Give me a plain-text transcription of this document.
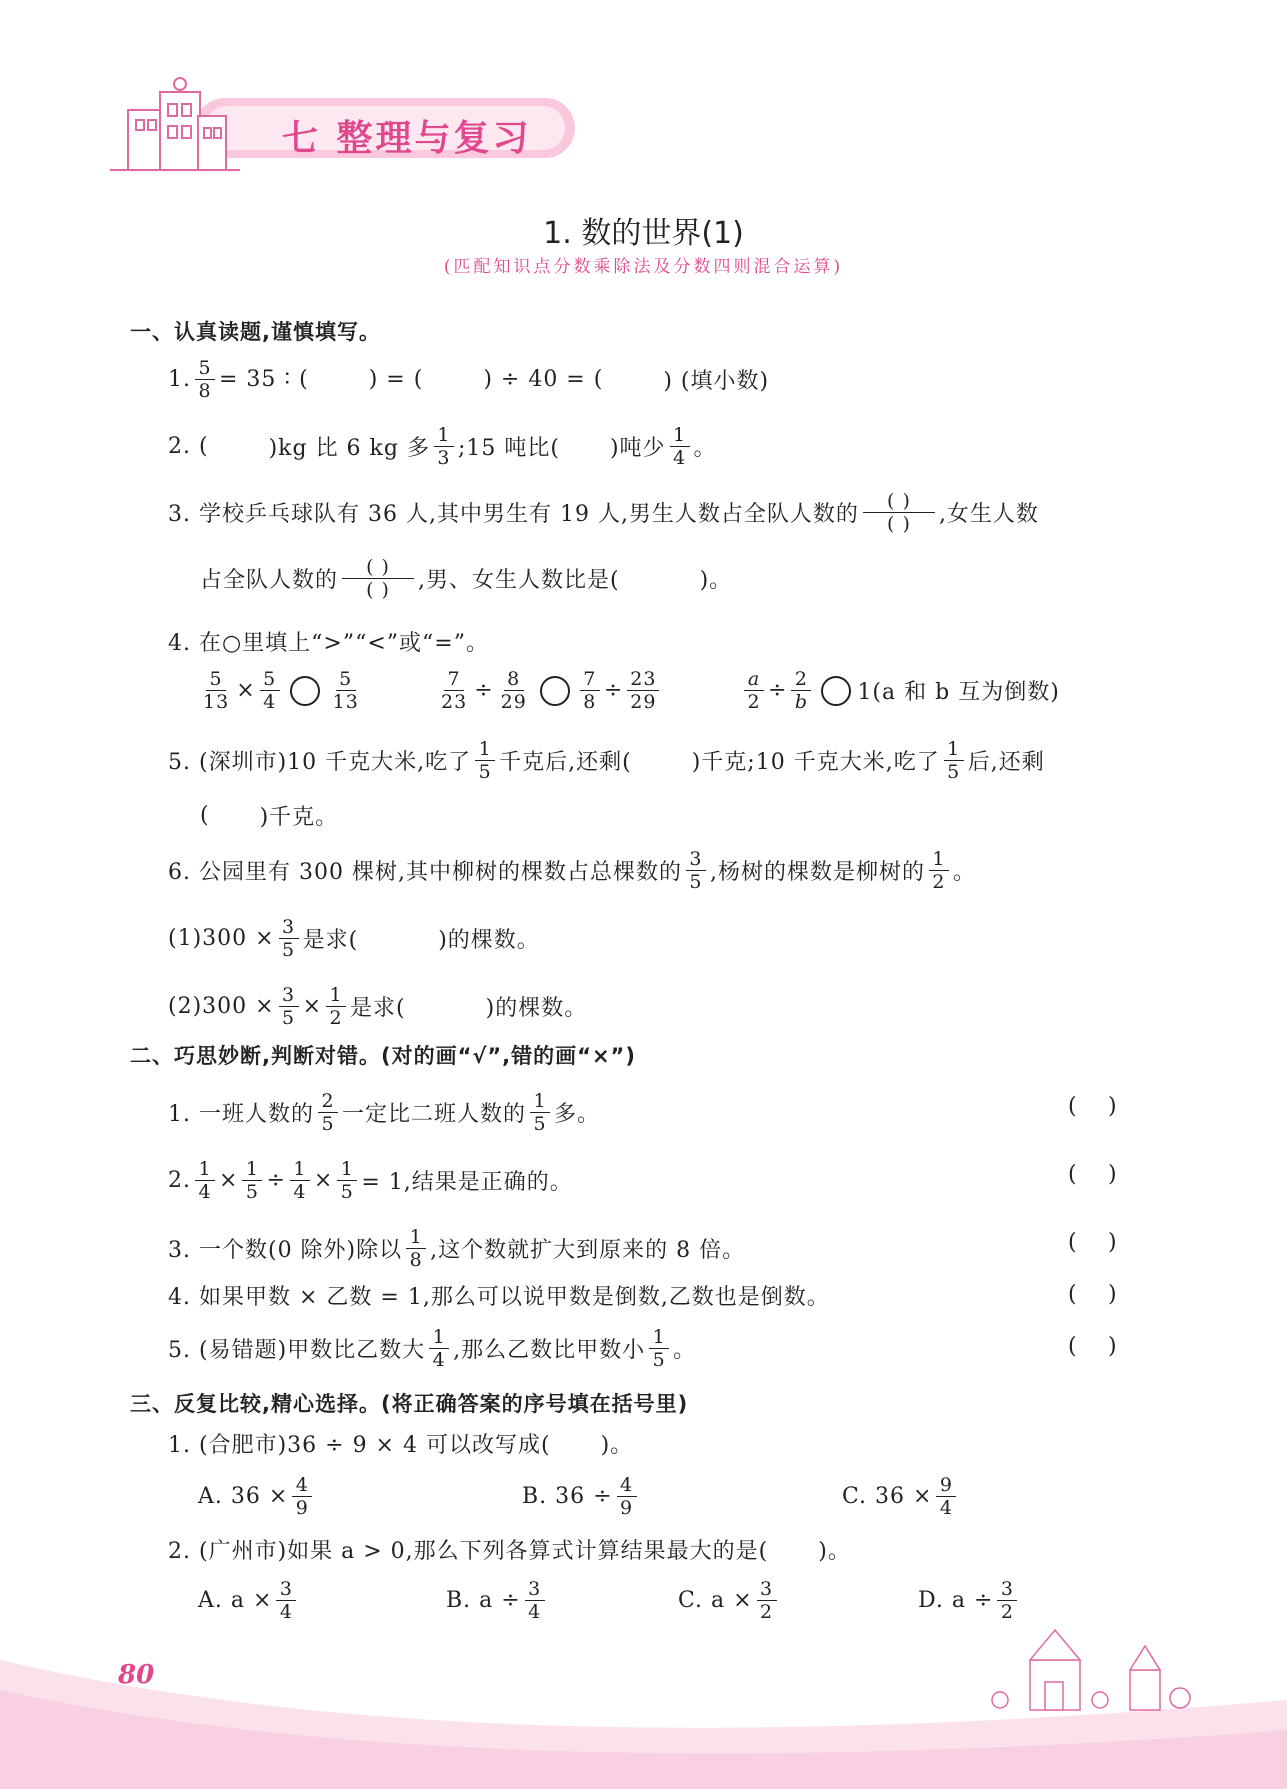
七 整理与复习
1. 数的世界(1)
(匹配知识点分数乘除法及分数四则混合运算)
一、认真读题,谨慎填写。
1. $\frac{5}{8} = 35$ ∶ (	) = (	) ÷ 40 = (	) (填小数)
2. (	)kg 比 6 kg 多 $\frac{1}{3}$ ;15 吨比( )吨少 $\frac{1}{4}$ 。
3. 学校乒乓球队有 36 人,其中男生有 19 人,男生人数占全队人数的 $\frac{( )}{( )}$ ,女生人数
占全队人数的 $\frac{( )}{( )}$ ,男、女生人数比是(	)。
4. 在○里填上“>”“<”或“=”。
$\frac{5}{13} \times \frac{5}{4}$	$\frac{5}{13}$	$\frac{7}{23} \div \frac{8}{29}$	$\frac{7}{8} \div \frac{23}{29}$	$\frac{a}{2} \div \frac{2}{b} 1(a$ 和 b 互为倒数)
5. (深圳市)10 千克大米,吃了 $\frac{1}{5}$ 千克后,还剩(	)千克;10 千克大米,吃了 $\frac{1}{5}$ 后,还剩
( )千克。
6. 公园里有 300 棵树,其中柳树的棵数占总棵数的 $\frac{3}{5}$ ,杨树的棵数是柳树的 $\frac{1}{2}$ 。
$(1)300 \times \frac{3}{5}$ 是求(	)的棵数。
$(2)300 \times \frac{3}{5} \times \frac{1}{2}$ 是求(	)的棵数。
二、巧思妙断,判断对错。(对的画“√”,错的画“×”)
1. 一班人数的 $\frac{2}{5}$ 一定比二班人数的 $\frac{1}{5}$ 多。	( )
2. $\frac{1}{4} \times \frac{1}{5} \div \frac{1}{4} \times \frac{1}{5} = 1$,结果是正确的。	( )
3. 一个数(0 除外)除以 $\frac{1}{8}$ ,这个数就扩大到原来的 8 倍。	( )
4. 如果甲数 × 乙数 = 1,那么可以说甲数是倒数,乙数也是倒数。	( )
5. (易错题)甲数比乙数大 $\frac{1}{4}$ ,那么乙数比甲数小 $\frac{1}{5}$ 。	( )
三、反复比较,精心选择。(将正确答案的序号填在括号里)
1. (合肥市)36 ÷ 9 × 4 可以改写成( )。
A. $36 \times \frac{4}{9}$	B. $36 \div \frac{4}{9}$	C. $36 \times \frac{9}{4}$
2. (广州市)如果 a > 0,那么下列各算式计算结果最大的是( )。
A. $a \times \frac{3}{4}$	B. $a \div \frac{3}{4}$	C. $a \times \frac{3}{2}$	D. $a \div \frac{3}{2}$
80
